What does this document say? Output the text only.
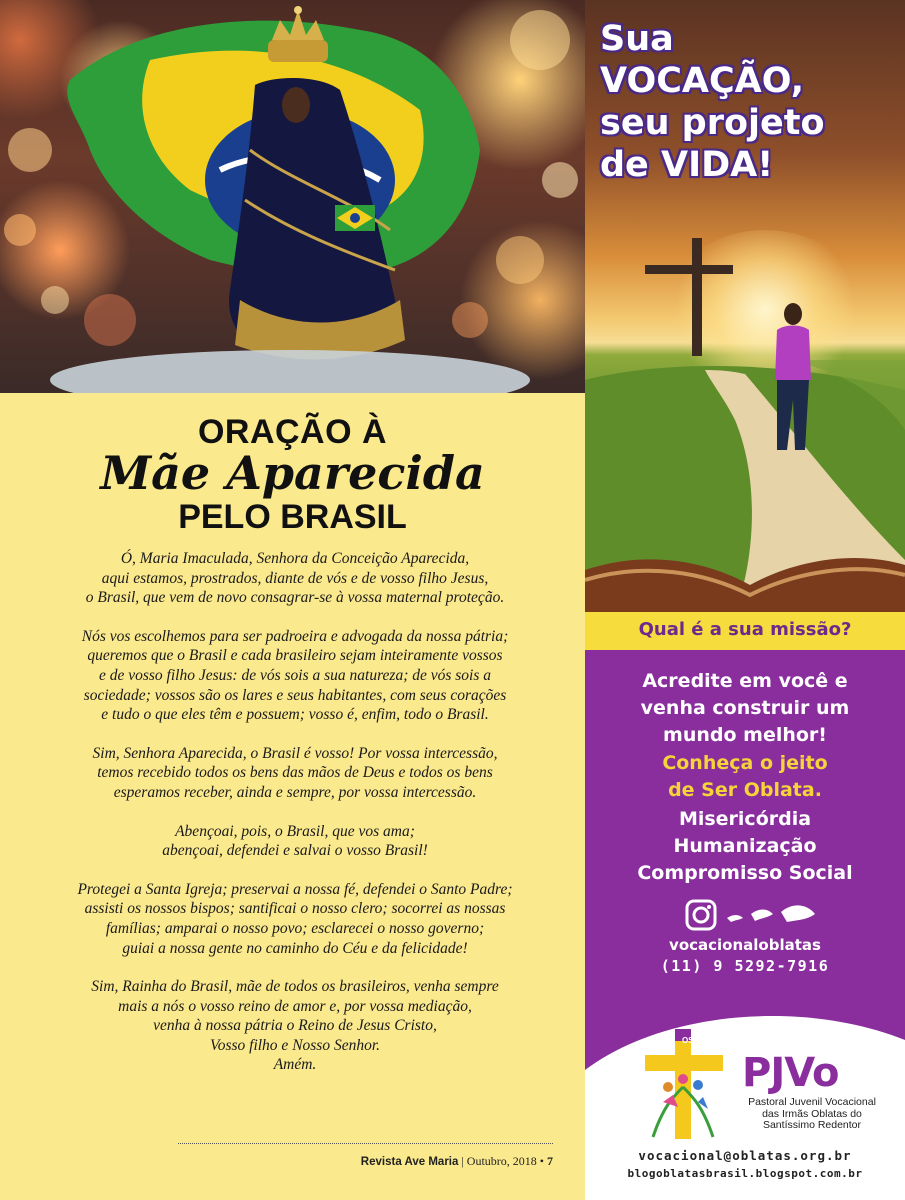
ORAÇÃO À
Mãe Aparecida
PELO BRASIL

Ó, Maria Imaculada, Senhora da Conceição Aparecida,
aqui estamos, prostrados, diante de vós e de vosso filho Jesus,
o Brasil, que vem de novo consagrar-se à vossa maternal proteção.

Nós vos escolhemos para ser padroeira e advogada da nossa pátria;
queremos que o Brasil e cada brasileiro sejam inteiramente vossos
e de vosso filho Jesus: de vós sois a sua natureza; de vós sois a
sociedade; vossos são os lares e seus habitantes, com seus corações
e tudo o que eles têm e possuem; vosso é, enfim, todo o Brasil.

Sim, Senhora Aparecida, o Brasil é vosso! Por vossa intercessão,
temos recebido todos os bens das mãos de Deus e todos os bens
esperamos receber, ainda e sempre, por vossa intercessão.

Abençoai, pois, o Brasil, que vos ama;
abençoai, defendei e salvai o vosso Brasil!

Protegei a Santa Igreja; preservai a nossa fé, defendei o Santo Padre;
assisti os nossos bispos; santificai o nosso clero; socorrei as nossas
famílias; amparai o nosso povo; esclarecei o nosso governo;
guiai a nossa gente no caminho do Céu e da felicidade!

Sim, Rainha do Brasil, mãe de todos os brasileiros, venha sempre
mais a nós o vosso reino de amor e, por vossa mediação,
venha à nossa pátria o Reino de Jesus Cristo,
Vosso filho e Nosso Senhor.
Amém.

Revista Ave Maria | Outubro, 2018 • 7
Sua
VOCAÇÃO,
seu projeto
de VIDA!
Qual é a sua missão?
Acredite em você e
venha construir um
mundo melhor!
Conheça o jeito
de Ser Oblata.
Misericórdia
Humanização
Compromisso Social
vocacionaloblatas
(11) 9 5292-7916
OSR
PJVo
Pastoral Juvenil Vocacional
das Irmãs Oblatas do
Santíssimo Redentor
vocacional@oblatas.org.br
blogoblatasbrasil.blogspot.com.br
